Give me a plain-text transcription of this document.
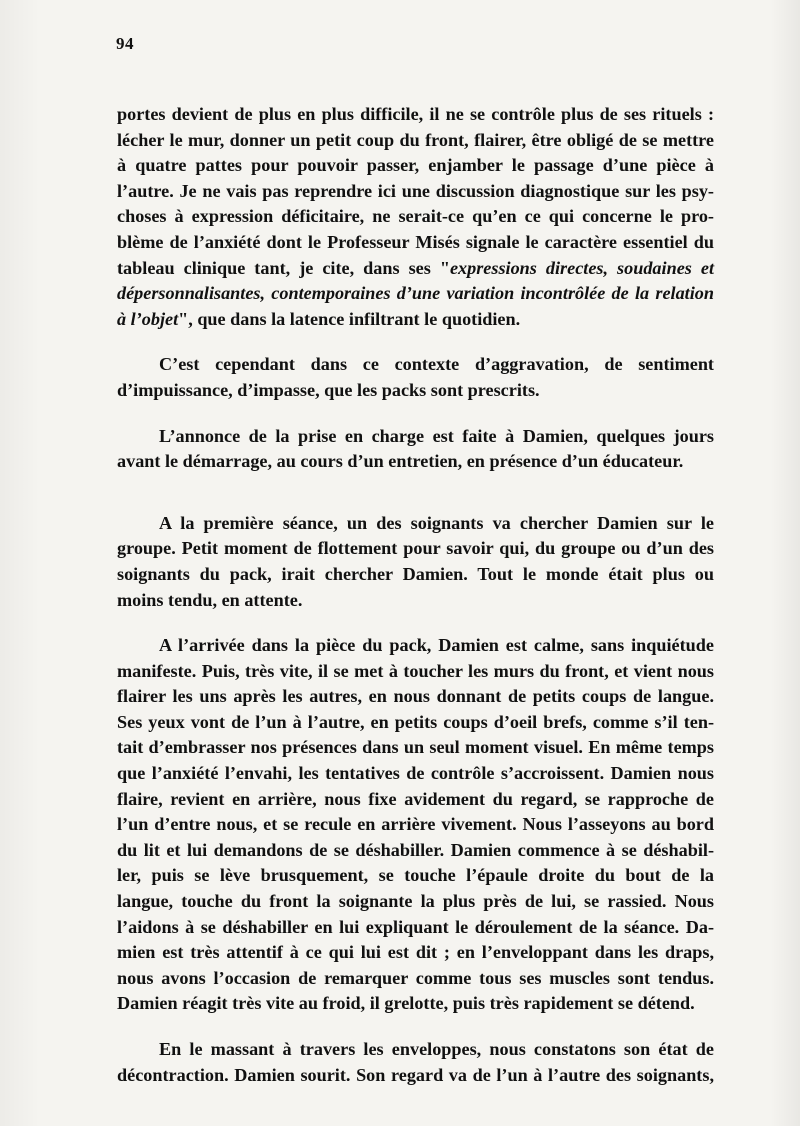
94

portes devient de plus en plus difficile, il ne se contrôle plus de ses rituels :
lécher le mur, donner un petit coup du front, flairer, être obligé de se mettre
à quatre pattes pour pouvoir passer, enjamber le passage d’une pièce à
l’autre. Je ne vais pas reprendre ici une discussion diagnostique sur les psy-
choses à expression déficitaire, ne serait-ce qu’en ce qui concerne le pro-
blème de l’anxiété dont le Professeur Misés signale le caractère essentiel du
tableau clinique tant, je cite, dans ses "expressions directes, soudaines et
dépersonnalisantes, contemporaines d’une variation incontrôlée de la relation
à l’objet", que dans la latence infiltrant le quotidien.

C’est cependant dans ce contexte d’aggravation, de sentiment
d’impuissance, d’impasse, que les packs sont prescrits.

L’annonce de la prise en charge est faite à Damien, quelques jours
avant le démarrage, au cours d’un entretien, en présence d’un éducateur.

A la première séance, un des soignants va chercher Damien sur le
groupe. Petit moment de flottement pour savoir qui, du groupe ou d’un des
soignants du pack, irait chercher Damien. Tout le monde était plus ou
moins tendu, en attente.

A l’arrivée dans la pièce du pack, Damien est calme, sans inquiétude
manifeste. Puis, très vite, il se met à toucher les murs du front, et vient nous
flairer les uns après les autres, en nous donnant de petits coups de langue.
Ses yeux vont de l’un à l’autre, en petits coups d’oeil brefs, comme s’il ten-
tait d’embrasser nos présences dans un seul moment visuel. En même temps
que l’anxiété l’envahi, les tentatives de contrôle s’accroissent. Damien nous
flaire, revient en arrière, nous fixe avidement du regard, se rapproche de
l’un d’entre nous, et se recule en arrière vivement. Nous l’asseyons au bord
du lit et lui demandons de se déshabiller. Damien commence à se déshabil-
ler, puis se lève brusquement, se touche l’épaule droite du bout de la
langue, touche du front la soignante la plus près de lui, se rassied. Nous
l’aidons à se déshabiller en lui expliquant le déroulement de la séance. Da-
mien est très attentif à ce qui lui est dit ; en l’enveloppant dans les draps,
nous avons l’occasion de remarquer comme tous ses muscles sont tendus.
Damien réagit très vite au froid, il grelotte, puis très rapidement se détend.

En le massant à travers les enveloppes, nous constatons son état de
décontraction. Damien sourit. Son regard va de l’un à l’autre des soignants,
